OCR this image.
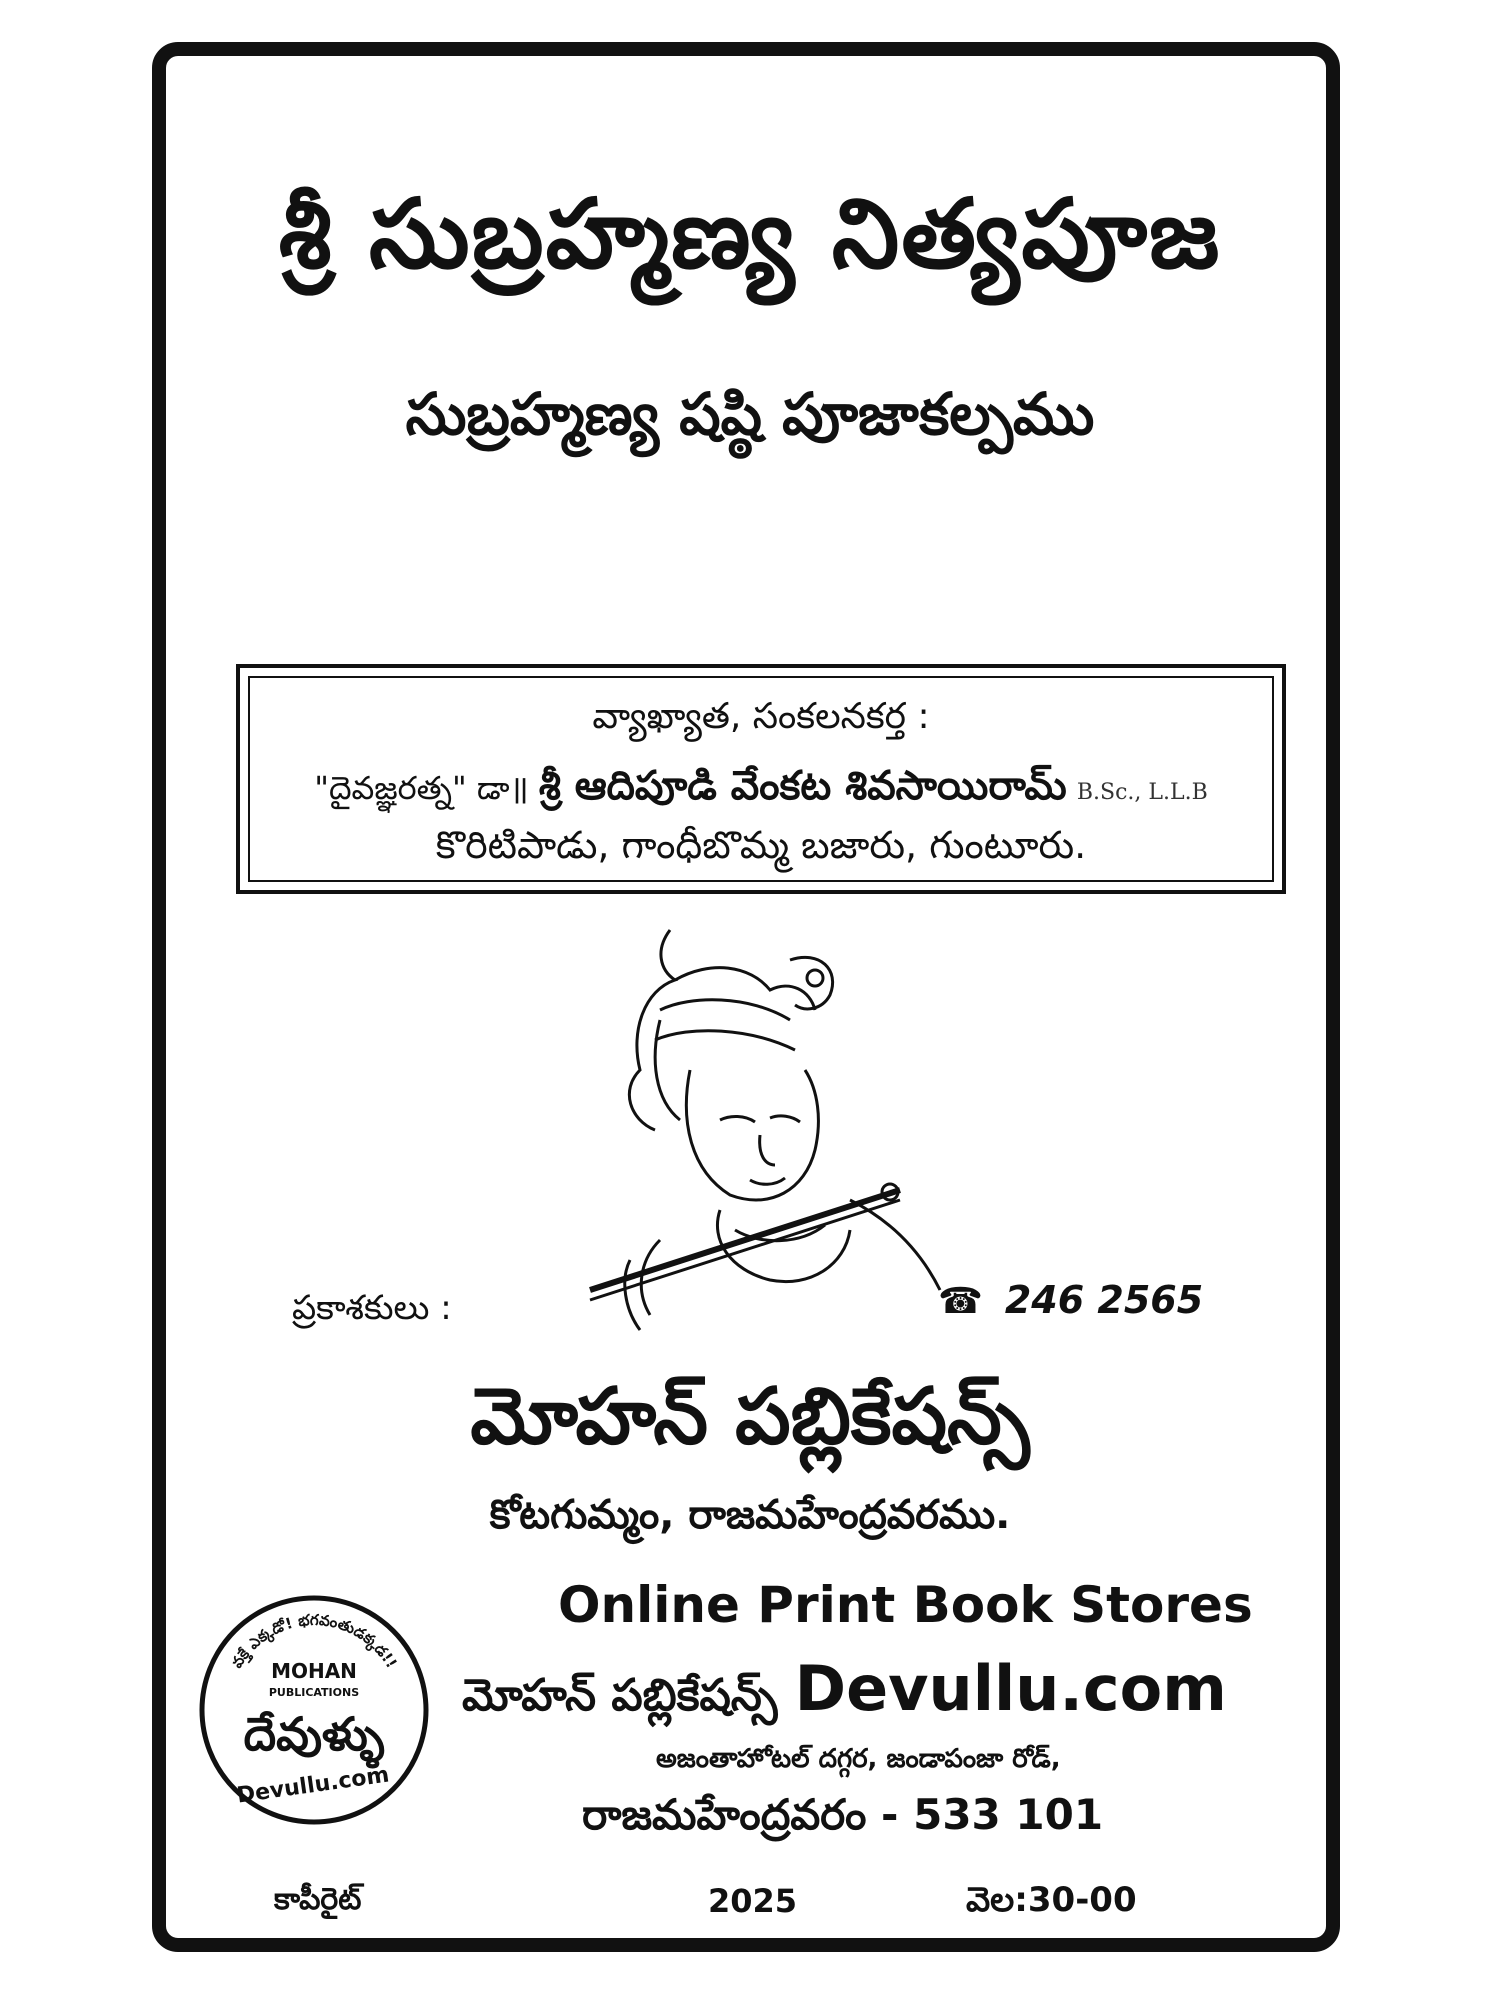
శ్రీ సుబ్రహ్మణ్య నిత్యపూజ
సుబ్రహ్మణ్య షష్ఠి పూజాకల్పము
వ్యాఖ్యాత, సంకలనకర్త :
"దైవజ్ఞరత్న" డా॥ శ్రీ ఆదిపూడి వేంకట శివసాయిరామ్ B.Sc., L.L.B
కొరిటిపాడు, గాంధీబొమ్మ బజారు, గుంటూరు.
ప్రకాశకులు :	☎ 246 2565
మోహన్ పబ్లికేషన్స్
కోటగుమ్మం, రాజమహేంద్రవరము.
వక్తే ఎక్కడో! భగవంతుడక్కడ!!
MOHAN
PUBLICATIONS
దేవుళ్ళు
Devullu.com
Online Print Book Stores
మోహన్ పబ్లికేషన్స్ Devullu.com
అజంతాహోటల్ దగ్గర, జండాపంజా రోడ్,
రాజమహేంద్రవరం - 533 101
కాపీరైట్	2025	వెల:30-00
